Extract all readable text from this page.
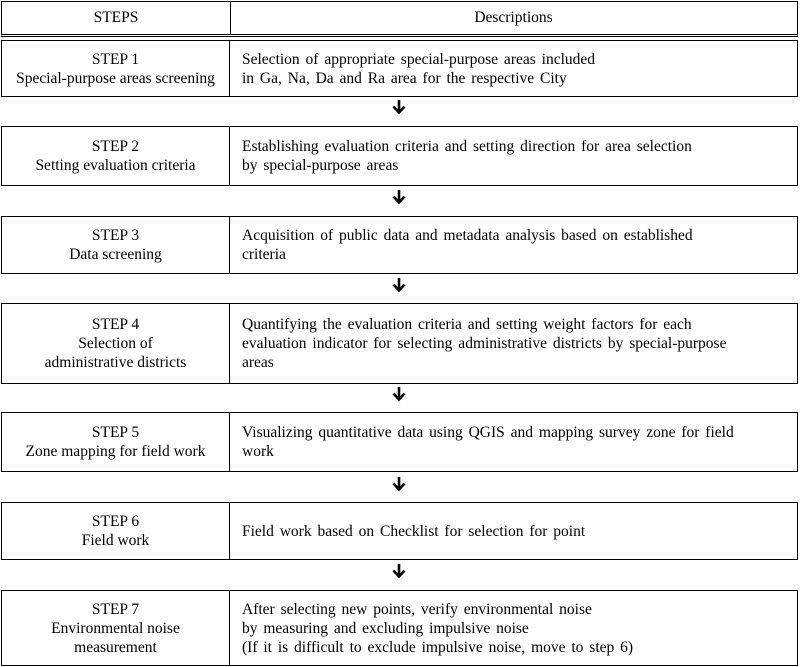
STEPS	Descriptions
STEP 1
Special-purpose areas screening
Selection of appropriate special-purpose areas included
in Ga, Na, Da and Ra area for the respective City
STEP 2
Setting evaluation criteria
Establishing evaluation criteria and setting direction for area selection
by special-purpose areas
STEP 3
Data screening
Acquisition of public data and metadata analysis based on established
criteria
STEP 4
Selection of
administrative districts
Quantifying the evaluation criteria and setting weight factors for each
evaluation indicator for selecting administrative districts by special-purpose
areas
STEP 5
Zone mapping for field work
Visualizing quantitative data using QGIS and mapping survey zone for field
work
STEP 6
Field work
Field work based on Checklist for selection for point
STEP 7
Environmental noise
measurement
After selecting new points, verify environmental noise
by measuring and excluding impulsive noise
(If it is difficult to exclude impulsive noise, move to step 6)
